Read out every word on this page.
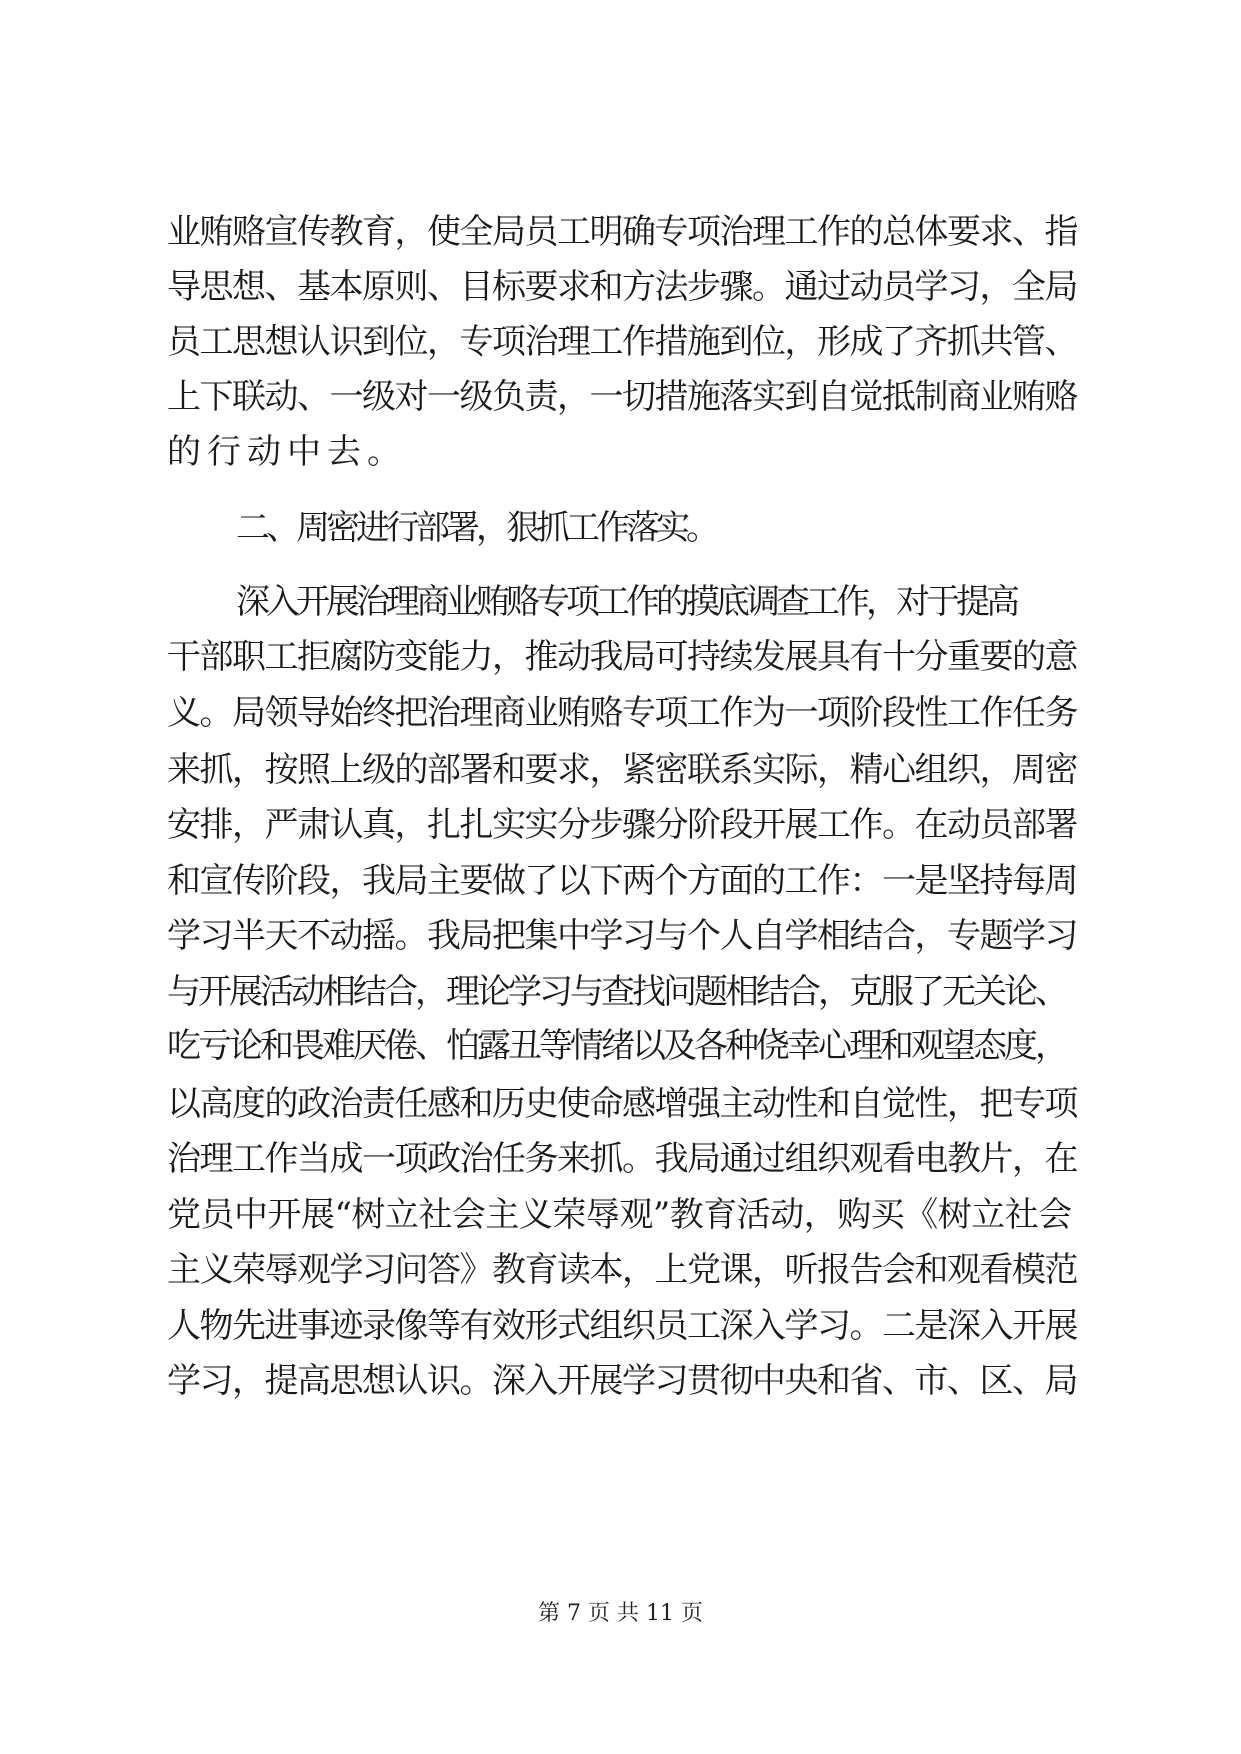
业贿赂宣传教育，使全局员工明确专项治理工作的总体要求、指
导思想、基本原则、目标要求和方法步骤。通过动员学习，全局
员工思想认识到位，专项治理工作措施到位，形成了齐抓共管、
上下联动、一级对一级负责，一切措施落实到自觉抵制商业贿赂
的行动中去。
二、周密进行部署，狠抓工作落实。
深入开展治理商业贿赂专项工作的摸底调查工作，对于提高
干部职工拒腐防变能力，推动我局可持续发展具有十分重要的意
义。局领导始终把治理商业贿赂专项工作为一项阶段性工作任务
来抓，按照上级的部署和要求，紧密联系实际，精心组织，周密
安排，严肃认真，扎扎实实分步骤分阶段开展工作。在动员部署
和宣传阶段，我局主要做了以下两个方面的工作：一是坚持每周
学习半天不动摇。我局把集中学习与个人自学相结合，专题学习
与开展活动相结合，理论学习与查找问题相结合，克服了无关论、
吃亏论和畏难厌倦、怕露丑等情绪以及各种侥幸心理和观望态度，
以高度的政治责任感和历史使命感增强主动性和自觉性，把专项
治理工作当成一项政治任务来抓。我局通过组织观看电教片，在
党员中开展“树立社会主义荣辱观”教育活动，购买《树立社会
主义荣辱观学习问答》教育读本，上党课，听报告会和观看模范
人物先进事迹录像等有效形式组织员工深入学习。二是深入开展
学习，提高思想认识。深入开展学习贯彻中央和省、市、区、局
第 7 页 共 11 页
